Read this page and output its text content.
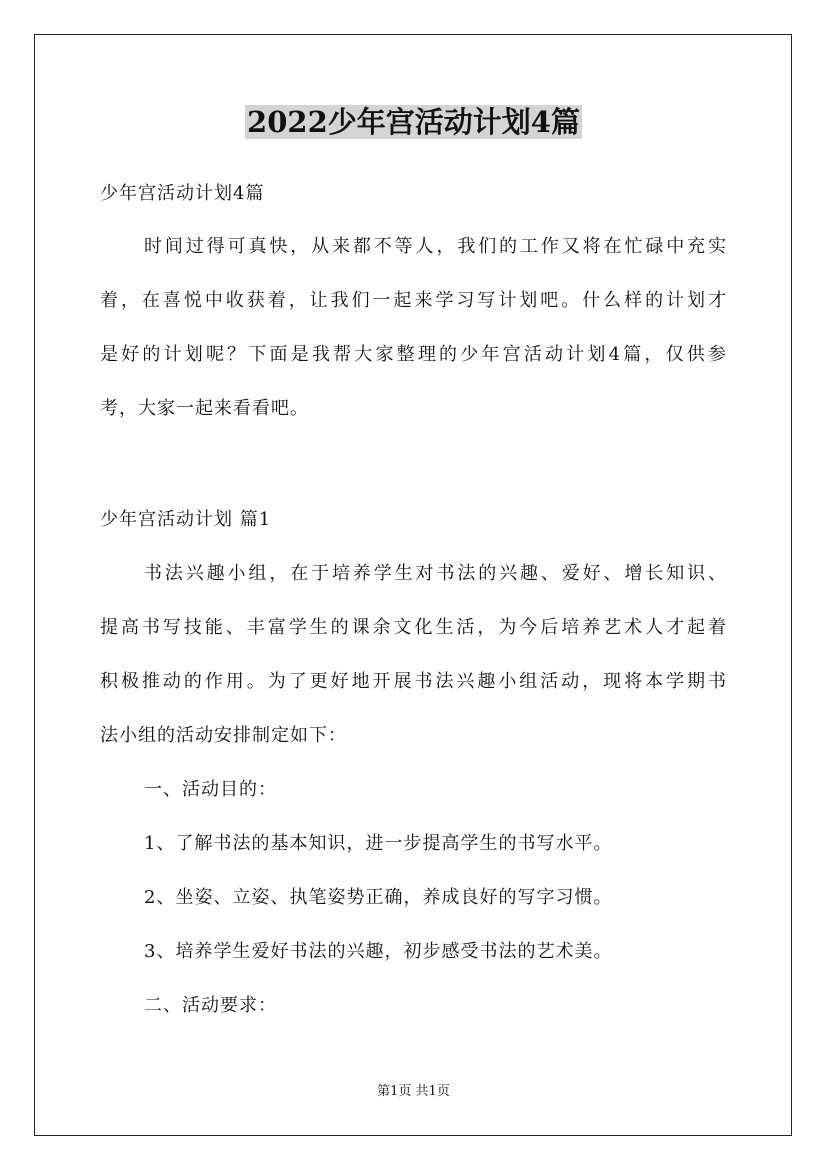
2022少年宫活动计划4篇
少年宫活动计划4篇
时间过得可真快，从来都不等人，我们的工作又将在忙碌中充实
着，在喜悦中收获着，让我们一起来学习写计划吧。什么样的计划才
是好的计划呢？下面是我帮大家整理的少年宫活动计划4篇，仅供参
考，大家一起来看看吧。
少年宫活动计划 篇1
书法兴趣小组，在于培养学生对书法的兴趣、爱好、增长知识、
提高书写技能、丰富学生的课余文化生活，为今后培养艺术人才起着
积极推动的作用。为了更好地开展书法兴趣小组活动，现将本学期书
法小组的活动安排制定如下：
一、活动目的：
1、了解书法的基本知识，进一步提高学生的书写水平。
2、坐姿、立姿、执笔姿势正确，养成良好的写字习惯。
3、培养学生爱好书法的兴趣，初步感受书法的艺术美。
二、活动要求：
第1页 共1页
